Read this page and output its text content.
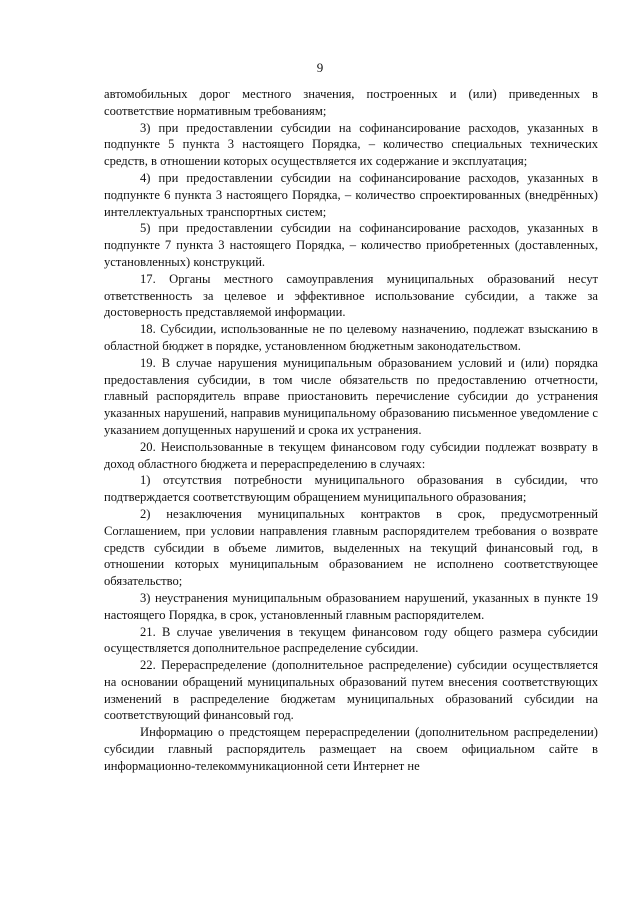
9

автомобильных дорог местного значения, построенных и (или) приведенных в соответствие нормативным требованиям;

3) при предоставлении субсидии на софинансирование расходов, указанных в подпункте 5 пункта 3 настоящего Порядка, – количество специальных технических средств, в отношении которых осуществляется их содержание и эксплуатация;

4) при предоставлении субсидии на софинансирование расходов, указанных в подпункте 6 пункта 3 настоящего Порядка, – количество спроектированных (внедрённых) интеллектуальных транспортных систем;

5) при предоставлении субсидии на софинансирование расходов, указанных в подпункте 7 пункта 3 настоящего Порядка, – количество приобретенных (доставленных, установленных) конструкций.

17. Органы местного самоуправления муниципальных образований несут ответственность за целевое и эффективное использование субсидии, а также за достоверность представляемой информации.

18. Субсидии, использованные не по целевому назначению, подлежат взысканию в областной бюджет в порядке, установленном бюджетным законодательством.

19. В случае нарушения муниципальным образованием условий и (или) порядка предоставления субсидии, в том числе обязательств по предоставлению отчетности, главный распорядитель вправе приостановить перечисление субсидии до устранения указанных нарушений, направив муниципальному образованию письменное уведомление с указанием допущенных нарушений и срока их устранения.

20. Неиспользованные в текущем финансовом году субсидии подлежат возврату в доход областного бюджета и перераспределению в случаях:

1) отсутствия потребности муниципального образования в субсидии, что подтверждается соответствующим обращением муниципального образования;

2) незаключения муниципальных контрактов в срок, предусмотренный Соглашением, при условии направления главным распорядителем требования о возврате средств субсидии в объеме лимитов, выделенных на текущий финансовый год, в отношении которых муниципальным образованием не исполнено соответствующее обязательство;

3) неустранения муниципальным образованием нарушений, указанных в пункте 19 настоящего Порядка, в срок, установленный главным распорядителем.

21. В случае увеличения в текущем финансовом году общего размера субсидии осуществляется дополнительное распределение субсидии.

22. Перераспределение (дополнительное распределение) субсидии осуществляется на основании обращений муниципальных образований путем внесения соответствующих изменений в распределение бюджетам муниципальных образований субсидии на соответствующий финансовый год.

Информацию о предстоящем перераспределении (дополнительном распределении) субсидии главный распорядитель размещает на своем официальном сайте в информационно-телекоммуникационной сети Интернет не
